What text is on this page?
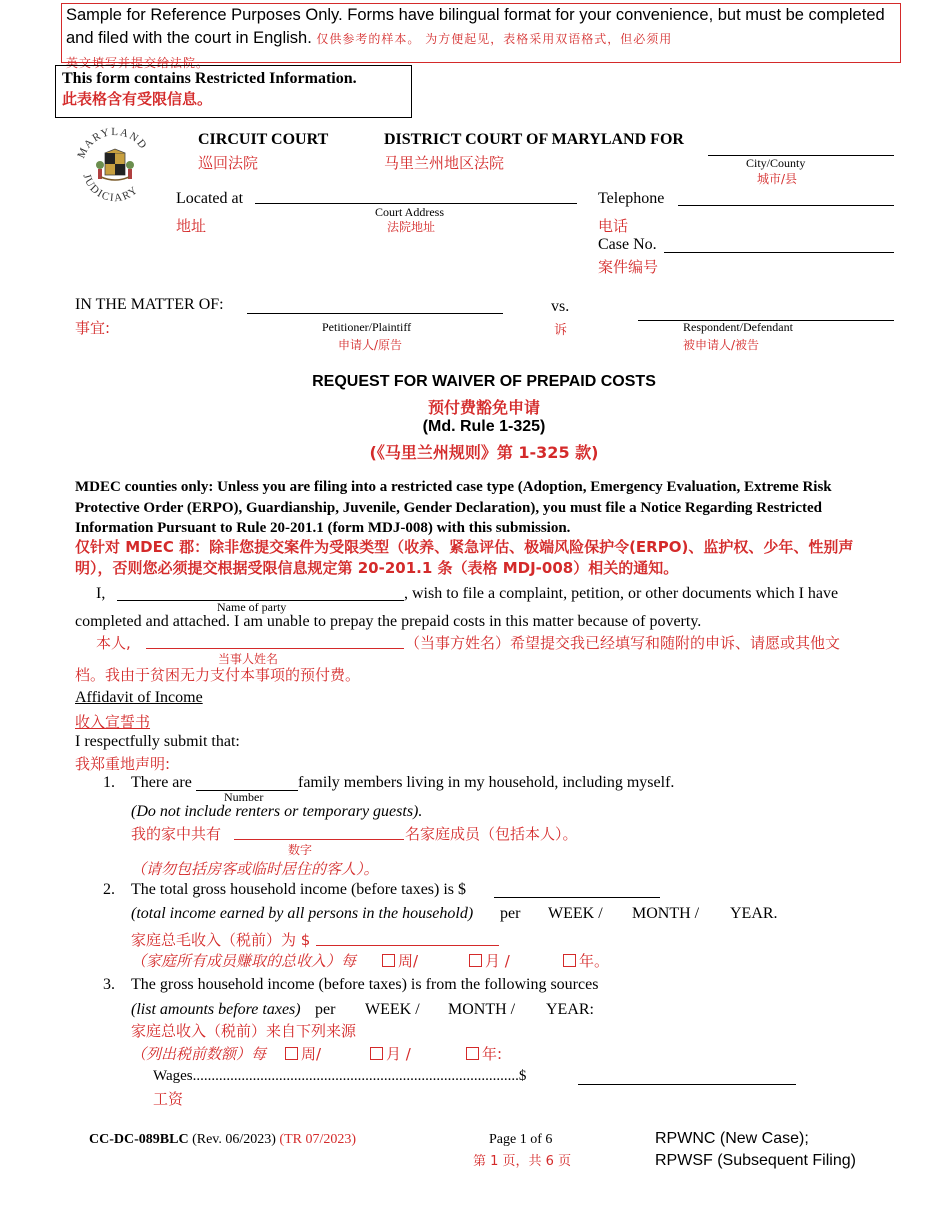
Sample for Reference Purposes Only. Forms have bilingual format for your convenience, but must be completed and filed with the court in English. 仅供参考的样本。 为方便起见，表格采用双语格式，但必须用
英文填写并提交给法院。
This form contains Restricted Information.
此表格含有受限信息。
MARYLAND
JUDICIARY
CIRCUIT COURT
巡回法院
DISTRICT COURT OF MARYLAND FOR
马里兰州地区法院	City/County
城市/县
Located at
地址
Court Address
法院地址
Telephone
电话
Case No.
案件编号
IN THE MATTER OF:
事宜:	Petitioner/Plaintiff
申请人/原告
vs.
诉	Respondent/Defendant
被申请人/被告
REQUEST FOR WAIVER OF PREPAID COSTS
预付费豁免申请
(Md. Rule 1-325)
(《马里兰州规则》第 1-325 款)
MDEC counties only: Unless you are filing into a restricted case type (Adoption, Emergency Evaluation, Extreme Risk Protective Order (ERPO), Guardianship, Juvenile, Gender Declaration), you must file a Notice Regarding Restricted Information Pursuant to Rule 20-201.1 (form MDJ-008) with this submission.
仅针对 MDEC 郡：除非您提交案件为受限类型（收养、紧急评估、极端风险保护令(ERPO)、监护权、少年、性别声明），否则您必须提交根据受限信息规定第 20-201.1 条（表格 MDJ-008）相关的通知。
I,	, wish to file a complaint, petition, or other documents which I have
Name of party
completed and attached. I am unable to prepay the prepaid costs in this matter because of poverty.
本人,	（当事方姓名）希望提交我已经填写和随附的申诉、请愿或其他文
当事人姓名
档。我由于贫困无力支付本事项的预付费。
Affidavit of Income
收入宣誓书
I respectfully submit that:
我郑重地声明:
1. There are	family members living in my household, including myself.
Number
(Do not include renters or temporary guests).
我的家中共有	名家庭成员（包括本人）。
数字
（请勿包括房客或临时居住的客人）。
2. The total gross household income (before taxes) is $
(total income earned by all persons in the household) per WEEK / MONTH / YEAR.
家庭总毛收入（税前）为 $
（家庭所有成员赚取的总收入）每	周/	月 /	年。
3. The gross household income (before taxes) is from the following sources
(list amounts before taxes) per WEEK / MONTH / YEAR:
家庭总收入（税前）来自下列来源
（列出税前数额）每	周/	月 /	年:
Wages.......................................................................................$
工资
CC-DC-089BLC (Rev. 06/2023) (TR 07/2023)	Page 1 of 6
第 1 页，共 6 页
RPWNC (New Case);
RPWSF (Subsequent Filing)
